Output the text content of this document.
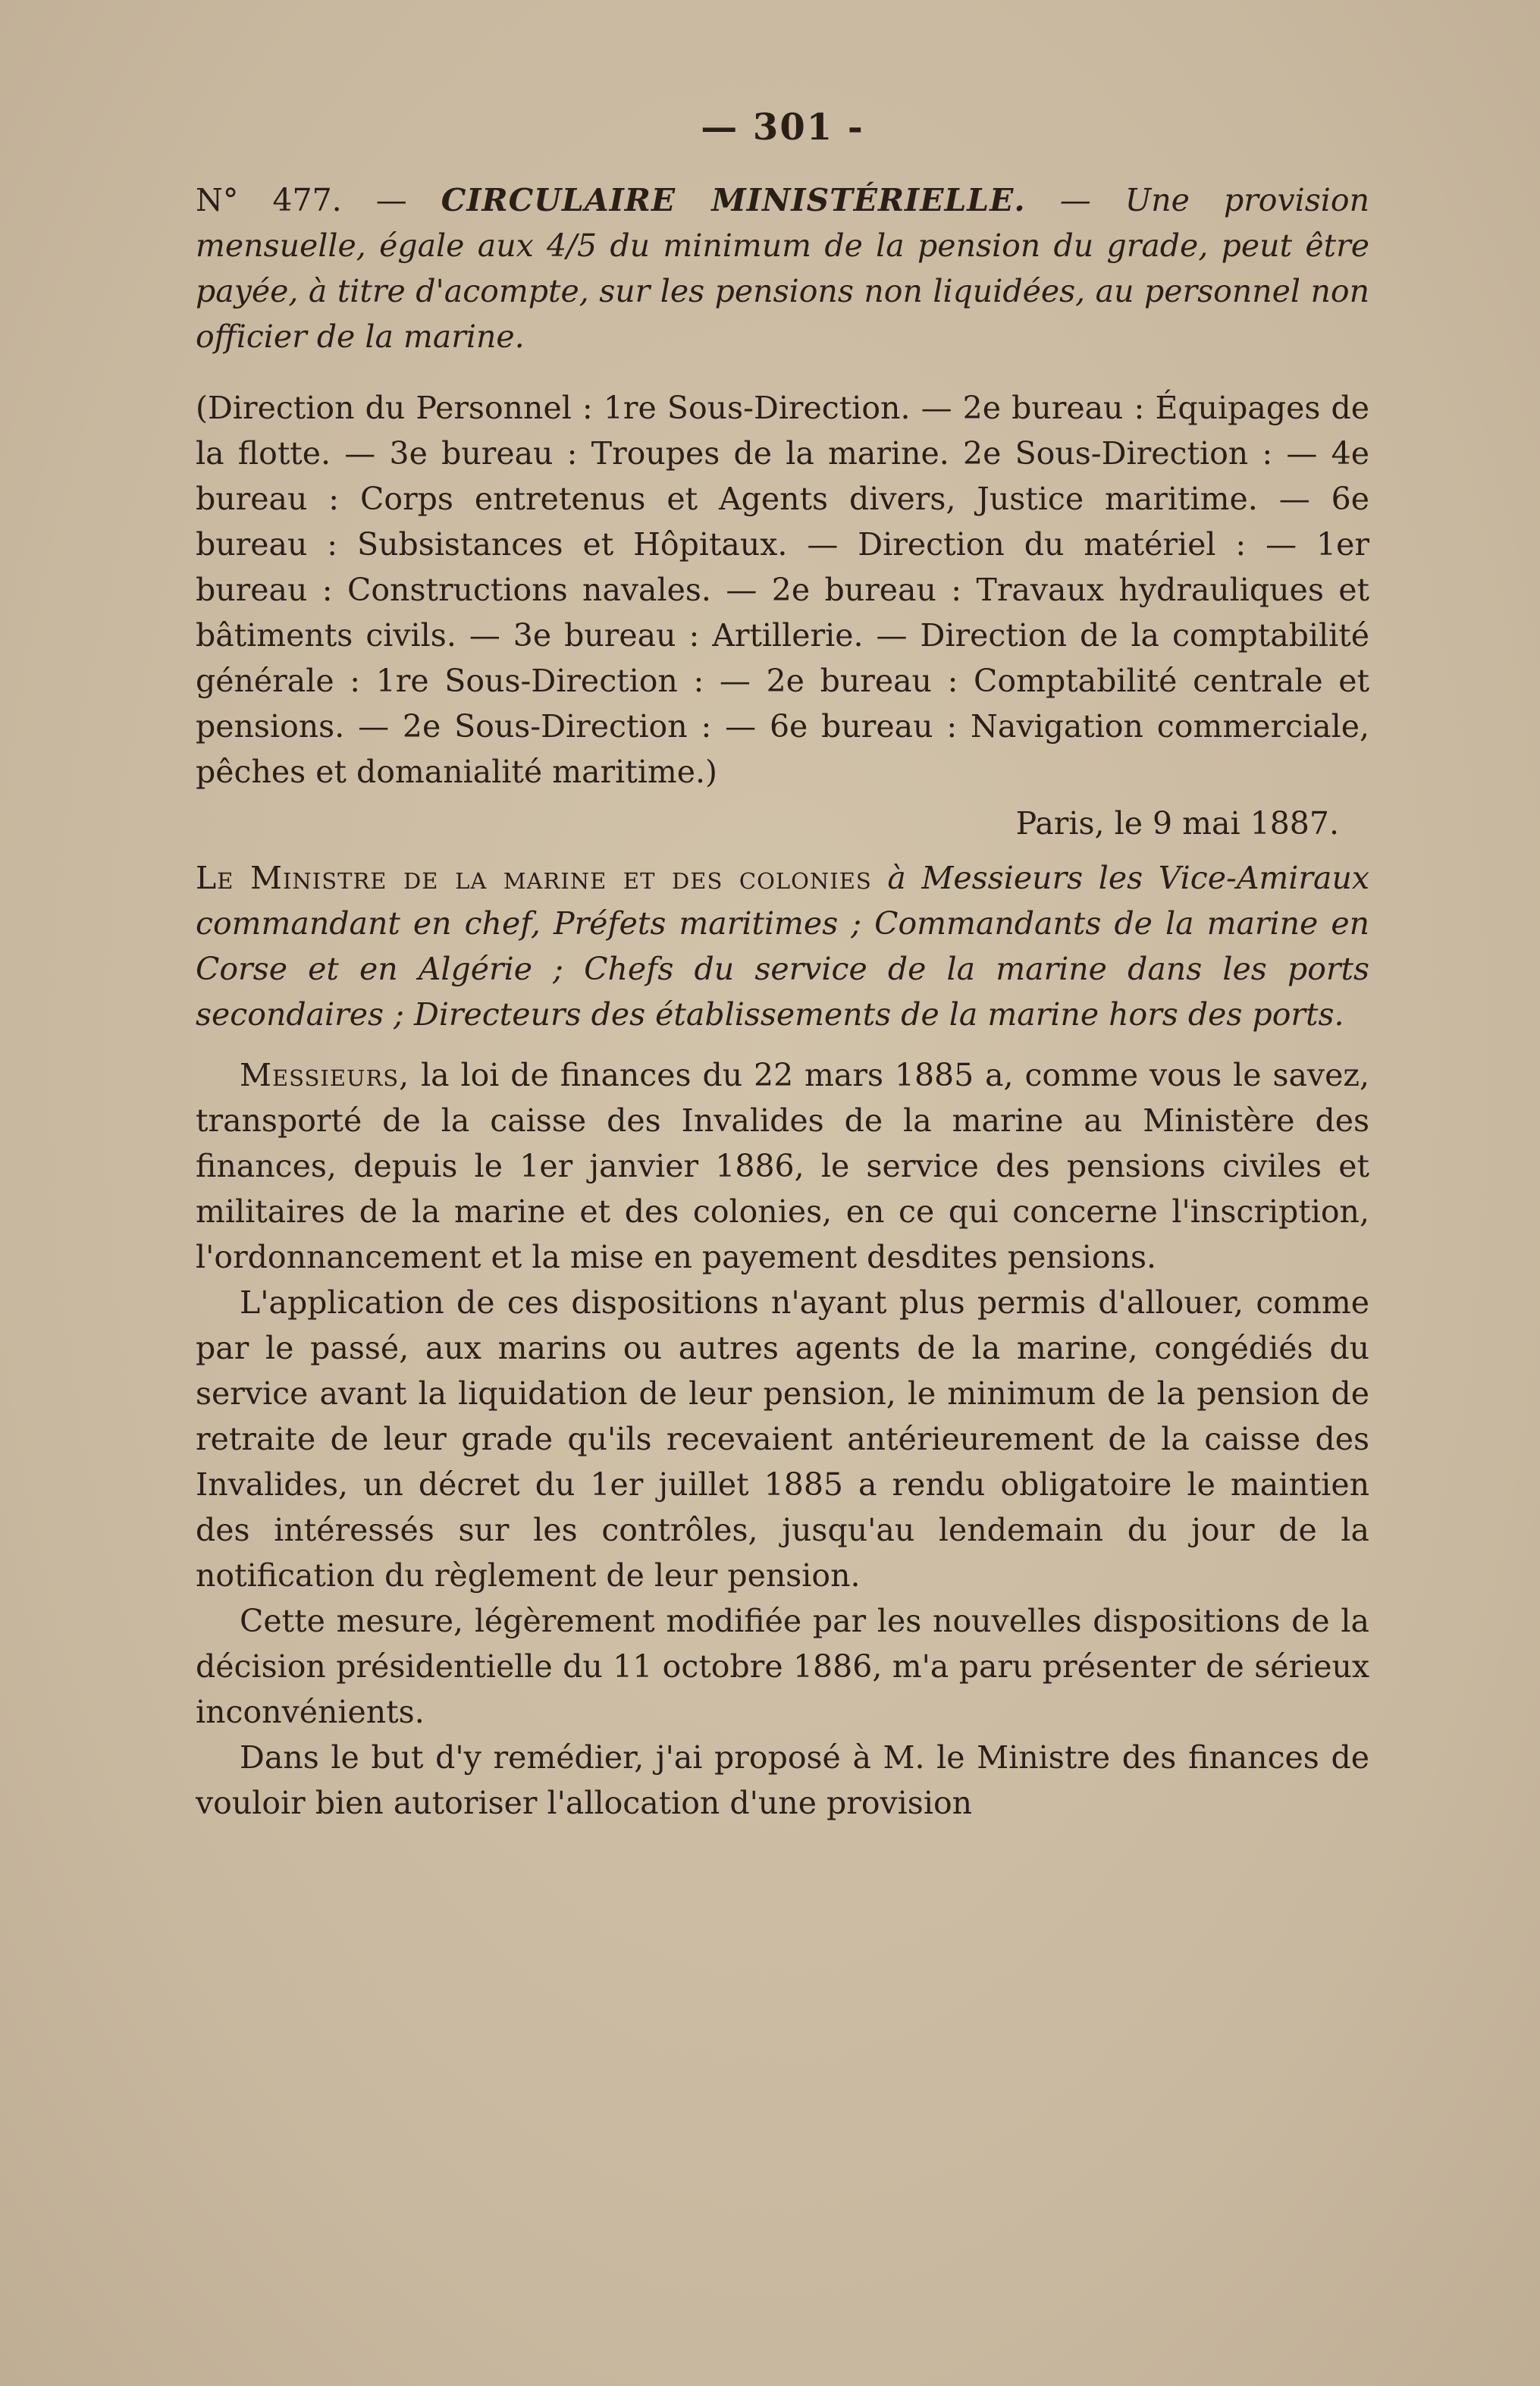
— 301 -
N° 477. — CIRCULAIRE MINISTÉRIELLE. — Une provision mensuelle, égale aux 4/5 du minimum de la pension du grade, peut être payée, à titre d'acompte, sur les pensions non liquidées, au personnel non officier de la marine.
(Direction du Personnel : 1re Sous-Direction. — 2e bureau : Équipages de la flotte. — 3e bureau : Troupes de la marine. 2e Sous-Direction : — 4e bureau : Corps entretenus et Agents divers, Justice maritime. — 6e bureau : Subsistances et Hôpitaux. — Direction du matériel : — 1er bureau : Constructions navales. — 2e bureau : Travaux hydrauliques et bâtiments civils. — 3e bureau : Artillerie. — Direction de la comptabilité générale : 1re Sous-Direction : — 2e bureau : Comptabilité centrale et pensions. — 2e Sous-Direction : — 6e bureau : Navigation commerciale, pêches et domanialité maritime.)
Paris, le 9 mai 1887.
Le Ministre de la marine et des colonies à Messieurs les Vice-Amiraux commandant en chef, Préfets maritimes ; Commandants de la marine en Corse et en Algérie ; Chefs du service de la marine dans les ports secondaires ; Directeurs des établissements de la marine hors des ports.

Messieurs, la loi de finances du 22 mars 1885 a, comme vous le savez, transporté de la caisse des Invalides de la marine au Ministère des finances, depuis le 1er janvier 1886, le service des pensions civiles et militaires de la marine et des colonies, en ce qui concerne l'inscription, l'ordonnancement et la mise en payement desdites pensions.

L'application de ces dispositions n'ayant plus permis d'allouer, comme par le passé, aux marins ou autres agents de la marine, congédiés du service avant la liquidation de leur pension, le minimum de la pension de retraite de leur grade qu'ils recevaient antérieurement de la caisse des Invalides, un décret du 1er juillet 1885 a rendu obligatoire le maintien des intéressés sur les contrôles, jusqu'au lendemain du jour de la notification du règlement de leur pension.

Cette mesure, légèrement modifiée par les nouvelles dispositions de la décision présidentielle du 11 octobre 1886, m'a paru présenter de sérieux inconvénients.

Dans le but d'y remédier, j'ai proposé à M. le Ministre des finances de vouloir bien autoriser l'allocation d'une provision
